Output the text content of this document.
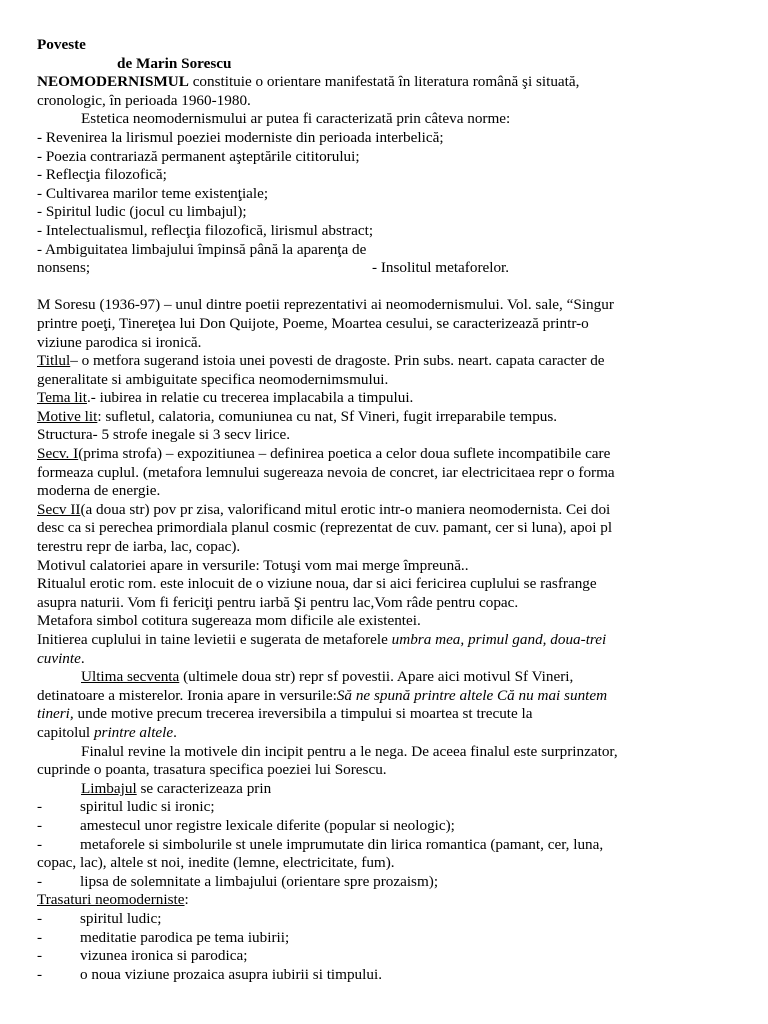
Poveste

de Marin Sorescu

NEOMODERNISMUL constituie o orientare manifestată în literatura română şi situată,

cronologic, în perioada 1960-1980.

Estetica neomodernismului ar putea fi caracterizată prin câteva norme:

- Revenirea la lirismul poeziei moderniste din perioada interbelică;

- Poezia contrariază permanent aşteptările cititorului;

- Reflecţia filozofică;

- Cultivarea marilor teme existenţiale;

- Spiritul ludic (jocul cu limbajul);

- Intelectualismul, reflecţia filozofică, lirismul abstract;

- Ambiguitatea limbajului împinsă până la aparenţa de

nonsens;	- Insolitul metaforelor.

M Soresu (1936-97) – unul dintre poetii reprezentativi ai neomodernismului. Vol. sale, “Singur

printre poeţi, Tinereţea lui Don Quijote, Poeme, Moartea cesului, se caracterizează printr-o

viziune parodica si ironică.

Titlul– o metfora sugerand istoia unei povesti de dragoste. Prin subs. neart. capata caracter de

generalitate si ambiguitate specifica neomodernimsmului.

Tema lit.- iubirea in relatie cu trecerea implacabila a timpului.

Motive lit: sufletul, calatoria, comuniunea cu nat, Sf Vineri, fugit irreparabile tempus.

Structura- 5 strofe inegale si 3 secv lirice.

Secv. I(prima strofa) – expozitiunea – definirea poetica a celor doua suflete incompatibile care

formeaza cuplul. (metafora lemnului sugereaza nevoia de concret, iar electricitaea repr o forma

moderna de energie.

Secv II(a doua str) pov pr zisa, valorificand mitul erotic intr-o maniera neomodernista. Cei doi

desc ca si perechea primordiala planul cosmic (reprezentat de cuv. pamant, cer si luna), apoi pl

terestru repr de iarba, lac, copac).

Motivul calatoriei apare in versurile: Totuşi vom mai merge împreună..

Ritualul erotic rom. este inlocuit de o viziune noua, dar si aici fericirea cuplului se rasfrange

asupra naturii. Vom fi fericiţi pentru iarbă Şi pentru lac,Vom râde pentru copac.

Metafora simbol cotitura sugereaza mom dificile ale existentei.

Initierea cuplului in taine levietii e sugerata de metaforele umbra mea, primul gand, doua-trei

cuvinte.

Ultima secventa (ultimele doua str) repr sf povestii. Apare aici motivul Sf Vineri,

detinatoare a misterelor. Ironia apare in versurile:Să ne spună printre altele Că nu mai suntem

tineri, unde motive precum trecerea ireversibila a timpului si moartea st trecute la

capitolul printre altele.

Finalul revine la motivele din incipit pentru a le nega. De aceea finalul este surprinzator,

cuprinde o poanta, trasatura specifica poeziei lui Sorescu.

Limbajul se caracterizeaza prin

-	spiritul ludic si ironic;
-	amestecul unor registre lexicale diferite (popular si neologic);
-	metaforele si simbolurile st unele imprumutate din lirica romantica (pamant, cer, luna,

copac, lac), altele st noi, inedite (lemne, electricitate, fum).

-	lipsa de solemnitate a limbajului (orientare spre prozaism);

Trasaturi neomoderniste:

-	spiritul ludic;
-	meditatie parodica pe tema iubirii;
-	vizunea ironica si parodica;
-	o noua viziune prozaica asupra iubirii si timpului.
